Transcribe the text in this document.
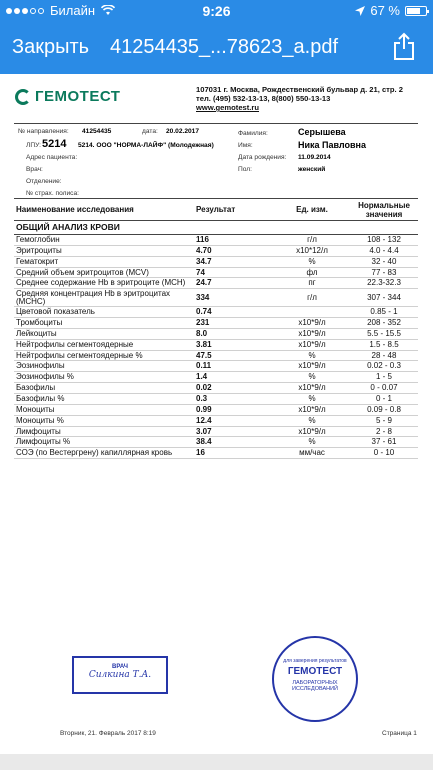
Билайн	9:26	67 %
Закрыть 41254435_...78623_a.pdf
ГЕМОТЕСТ	107031 г. Москва, Рождественский бульвар д. 21, стр. 2
тел. (495) 532-13-13, 8(800) 550-13-13
www.gemotest.ru
№ направления: 41254435	дата: 20.02.2017
ЛПУ: 5214 5214. ООО "НОРМА-ЛАЙФ" (Молодежная)
Адрес пациента:
Врач:
Отделение:
№ страх. полиса:
Фамилия:	Серышева
Имя:	Ника Павловна
Дата рождения: 11.09.2014
Пол:	женский
Наименование исследования	Результат	Ед. изм.	Нормальные значения
ОБЩИЙ АНАЛИЗ КРОВИ			
Гемоглобин	116	г/л	108 - 132
Эритроциты	4.70	x10*12/л	4.0 - 4.4
Гематокрит	34.7	%	32 - 40
Средний объем эритроцитов (MCV)	74	фл	77 - 83
Среднее содержание Hb в эритроците (MCH)	24.7	пг	22.3-32.3
Средняя концентрация Hb в эритроцитах (MCHC)	334	г/л	307 - 344
Цветовой показатель	0.74		0.85 - 1
Тромбоциты	231	x10*9/л	208 - 352
Лейкоциты	8.0	x10*9/л	5.5 - 15.5
Нейтрофилы сегментоядерные	3.81	x10*9/л	1.5 - 8.5
Нейтрофилы сегментоядерные %	47.5	%	28 - 48
Эозинофилы	0.11	x10*9/л	0.02 - 0.3
Эозинофилы %	1.4	%	1 - 5
Базофилы	0.02	x10*9/л	0 - 0.07
Базофилы %	0.3	%	0 - 1
Моноциты	0.99	x10*9/л	0.09 - 0.8
Моноциты %	12.4	%	5 - 9
Лимфоциты	3.07	x10*9/л	2 - 8
Лимфоциты %	38.4	%	37 - 61
СОЭ (по Вестергрену) капиллярная кровь	16	мм/час	0 - 10
ВРАЧ
Силкина Т.А.
для заверения результатов
ГЕМОТЕСТ
ЛАБОРАТОРНЫХ ИССЛЕДОВАНИЙ
Вторник, 21. Февраль 2017 8:19	Страница 1
